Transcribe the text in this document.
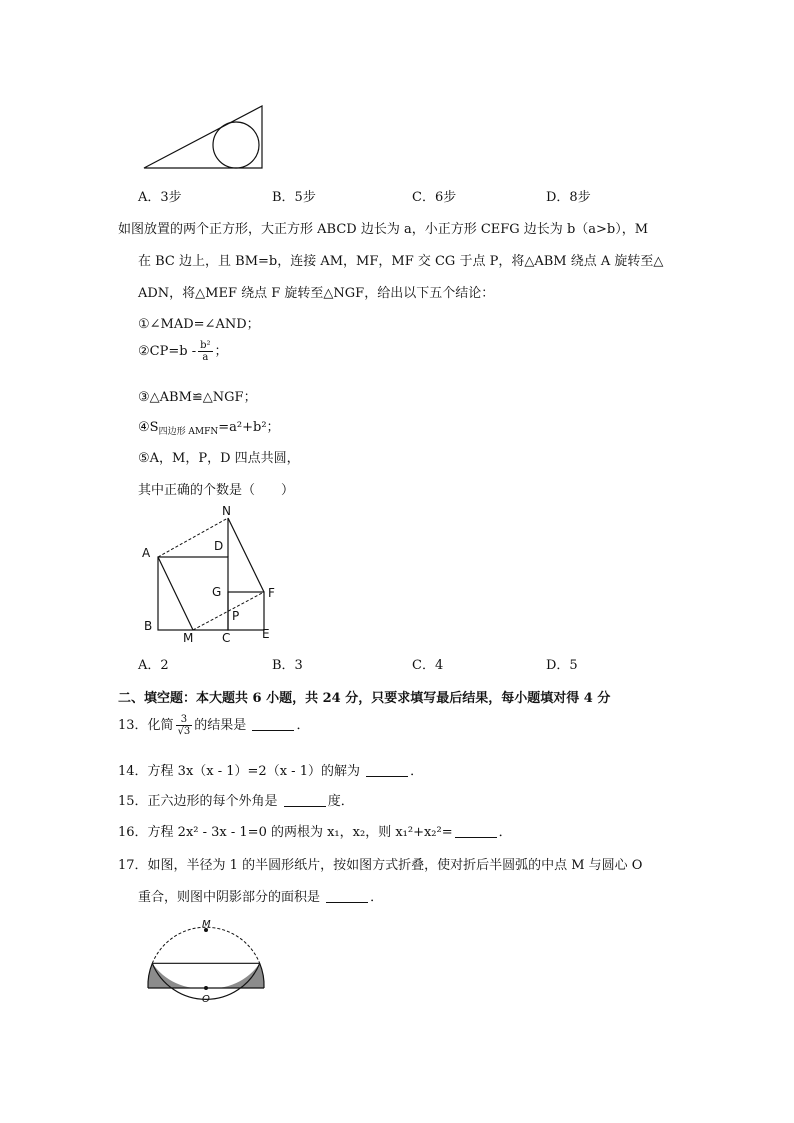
A．3步	B．5步	C．6步	D．8步
如图放置的两个正方形，大正方形 ABCD 边长为 a，小正方形 CEFG 边长为 b（a>b），M
在 BC 边上，且 BM=b，连接 AM，MF，MF 交 CG 于点 P，将△ABM 绕点 A 旋转至△
ADN，将△MEF 绕点 F 旋转至△NGF，给出以下五个结论：
①∠MAD=∠AND；
②CP=b - $\frac{\text{b²}}{a}$ ；
③△ABM≌△NGF；
$④S_{四边形 AMFN}=a^2+b^2$；
⑤A，M，P，D 四点共圆，
其中正确的个数是（　　）
N
A	D
G	F
P
B
M C	E
A．2	B．3	C．4	D．5
二、填空题：本大题共 6 小题，共 24 分，只要求填写最后结果，每小题填对得 4 分
13．化简 $\frac{3}{√3}$ 的结果是	．
14．方程 3x（x - 1）=2（x - 1）的解为	．
15．正六边形的每个外角是	度．
16．方程 2x² - 3x - 1=0 的两根为 x₁，x₂，则 x₁²+x₂²=	．
17．如图，半径为 1 的半圆形纸片，按如图方式折叠，使对折后半圆弧的中点 M 与圆心 O
重合，则图中阴影部分的面积是	．
M
O
